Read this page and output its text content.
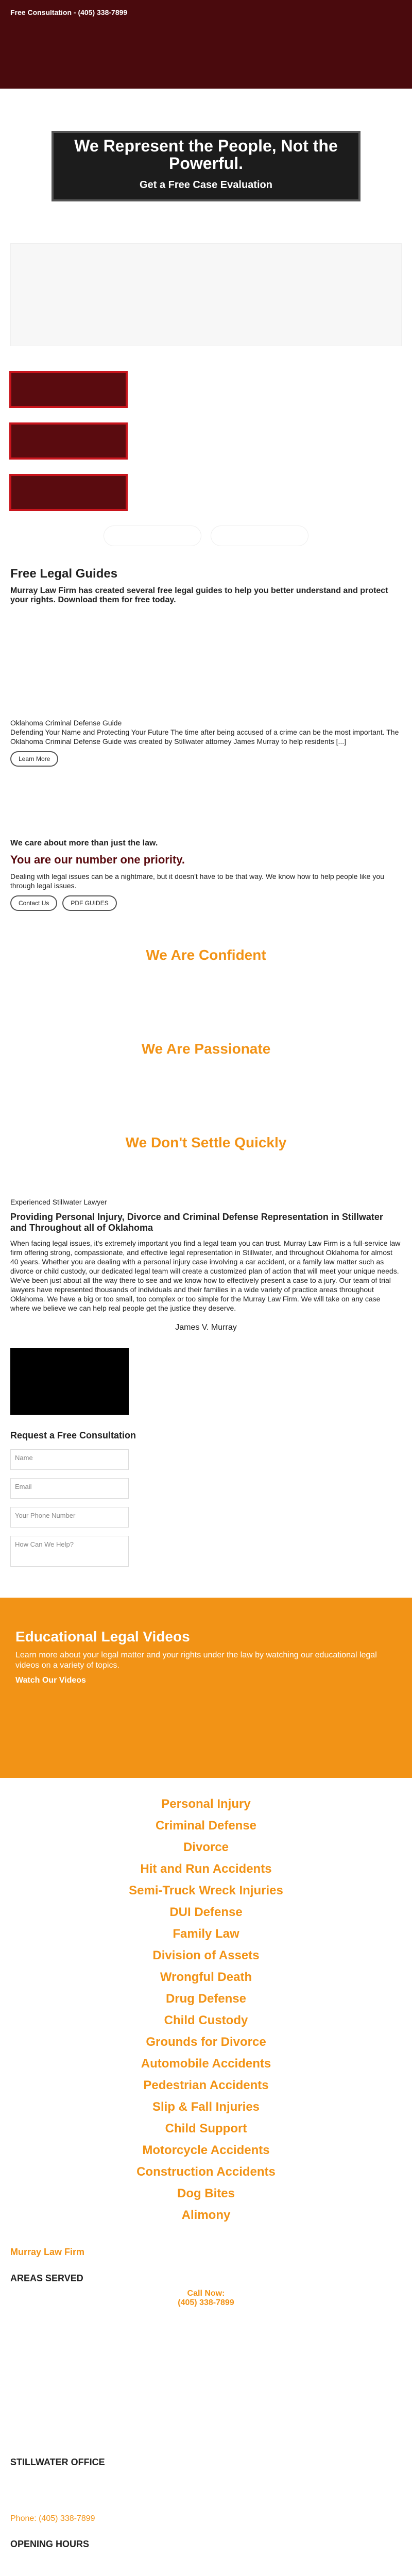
Free Consultation - (405) 338-7899
We Represent the People, Not the Powerful.
Get a Free Case Evaluation
Free Legal Guides
Murray Law Firm has created several free legal guides to help you better understand and protect your rights. Download them for free today.
Oklahoma Criminal Defense Guide
Defending Your Name and Protecting Your Future The time after being accused of a crime can be the most important. The Oklahoma Criminal Defense Guide was created by Stillwater attorney James Murray to help residents [...]
Learn More
We care about more than just the law.
You are our number one priority.
Dealing with legal issues can be a nightmare, but it doesn't have to be that way. We know how to help people like you through legal issues.
Contact Us	PDF GUIDES
We Are Confident
We Are Passionate
We Don't Settle Quickly
Experienced Stillwater Lawyer
Providing Personal Injury, Divorce and Criminal Defense Representation in Stillwater and Throughout all of Oklahoma
When facing legal issues, it's extremely important you find a legal team you can trust. Murray Law Firm is a full-service law firm offering strong, compassionate, and effective legal representation in Stillwater, and throughout Oklahoma for almost 40 years. Whether you are dealing with a personal injury case involving a car accident, or a family law matter such as divorce or child custody, our dedicated legal team will create a customized plan of action that will meet your unique needs. We've been just about all the way there to see and we know how to effectively present a case to a jury. Our team of trial lawyers have represented thousands of individuals and their families in a wide variety of practice areas throughout Oklahoma. We have a big or too small, too complex or too simple for the Murray Law Firm. We will take on any case where we believe we can help real people get the justice they deserve.
James V. Murray
Request a Free Consultation
Name
Email
Your Phone Number
How Can We Help?
Educational Legal Videos

Learn more about your legal matter and your rights under the law by watching our educational legal videos on a variety of topics.

Watch Our Videos
Personal Injury
Criminal Defense
Divorce
Hit and Run Accidents
Semi-Truck Wreck Injuries
DUI Defense
Family Law
Division of Assets
Wrongful Death
Drug Defense
Child Custody
Grounds for Divorce
Automobile Accidents
Pedestrian Accidents
Slip & Fall Injuries
Child Support
Motorcycle Accidents
Construction Accidents
Dog Bites
Alimony
Murray Law Firm
AREAS SERVED
Call Now:
(405) 338-7899
STILLWATER OFFICE
Phone: (405) 338-7899
OPENING HOURS
